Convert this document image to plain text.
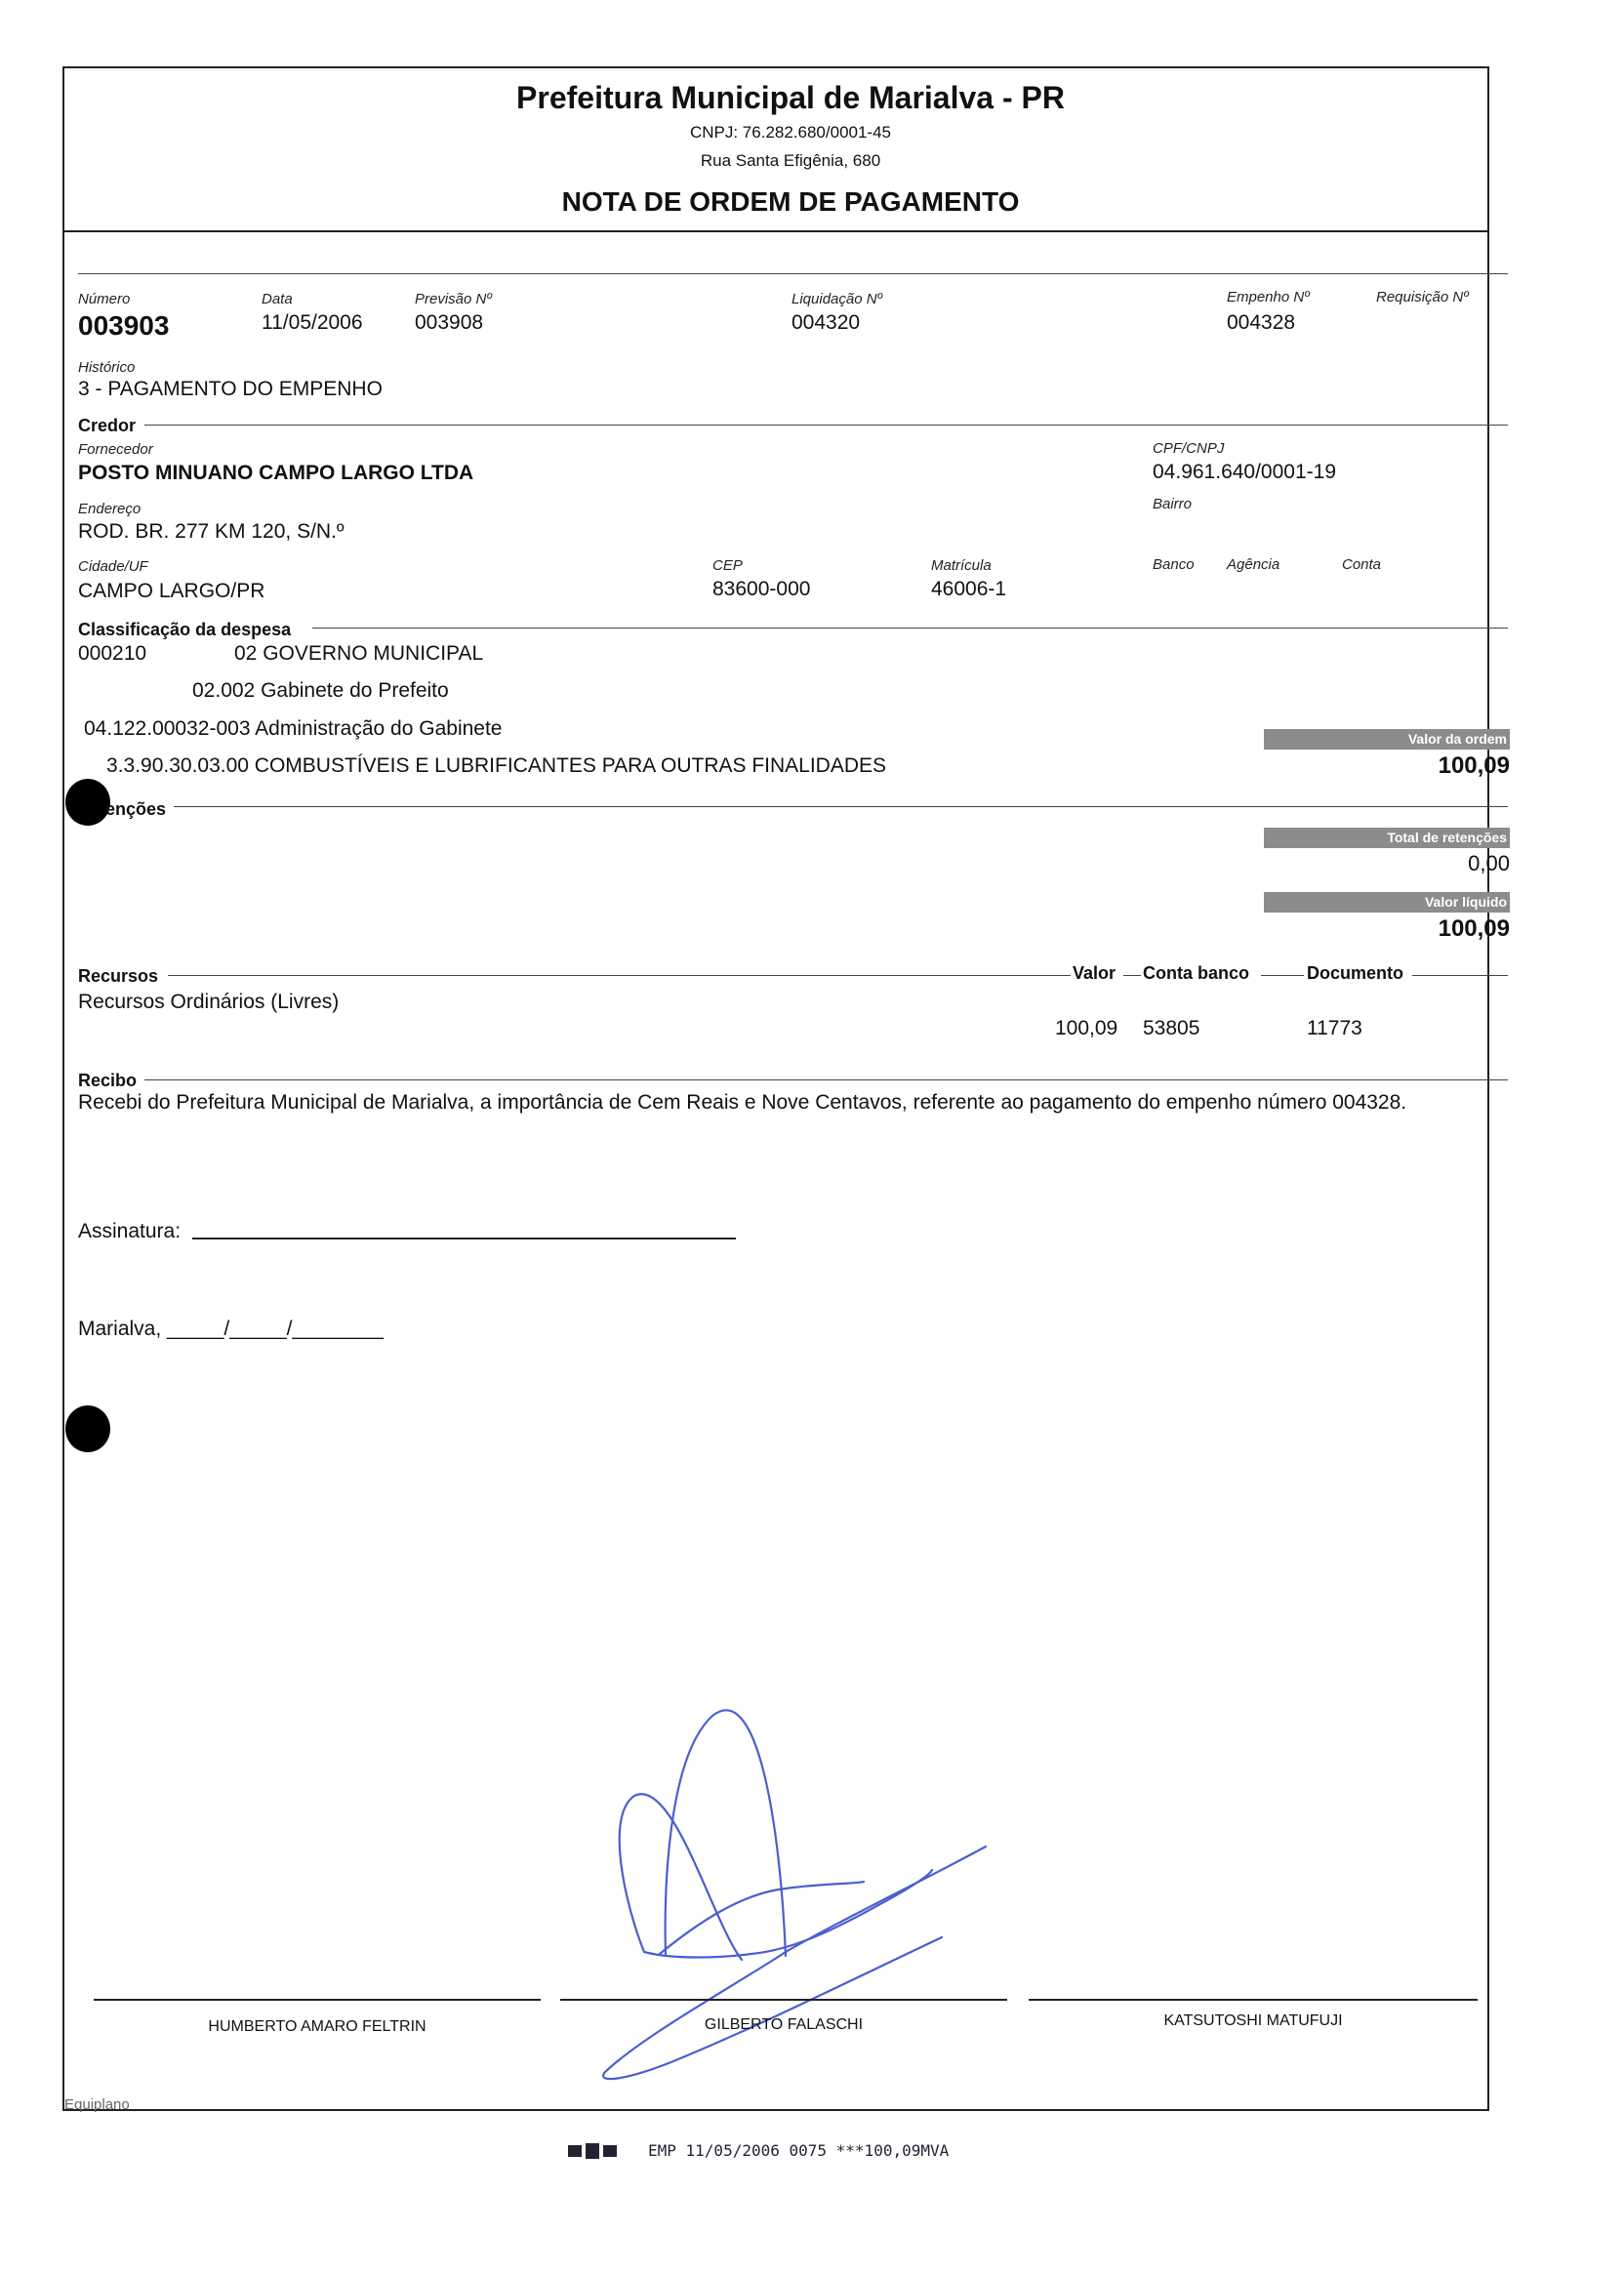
Prefeitura Municipal de Marialva - PR
CNPJ: 76.282.680/0001-45
Rua Santa Efigênia, 680
NOTA DE ORDEM DE PAGAMENTO
Número
003903
Data
11/05/2006
Previsão Nº
003908
Liquidação Nº
004320
Empenho Nº
004328
Requisição Nº
Histórico
3 - PAGAMENTO DO EMPENHO
Credor
Fornecedor
POSTO MINUANO CAMPO LARGO LTDA
CPF/CNPJ
04.961.640/0001-19
Endereço
ROD. BR. 277 KM 120, S/N.º
Bairro
Cidade/UF
CAMPO LARGO/PR
CEP
83600-000
Matrícula
46006-1
Banco Agência	Conta
Classificação da despesa
000210	02 GOVERNO MUNICIPAL
02.002 Gabinete do Prefeito
04.122.00032-003 Administração do Gabinete
3.3.90.30.03.00 COMBUSTÍVEIS E LUBRIFICANTES PARA OUTRAS FINALIDADES
Valor da ordem
100,09
enções
Total de retenções
0,00
Valor líquido
100,09
Recursos	Valor Conta banco	Documento
Recursos Ordinários (Livres)
100,09 53805	11773
Recibo
Recebi do Prefeitura Municipal de Marialva, a importância de Cem Reais e Nove Centavos, referente ao pagamento do empenho número 004328.
Assinatura:
Marialva, _____/_____/________
HUMBERTO AMARO FELTRIN	GILBERTO FALASCHI	KATSUTOSHI MATUFUJI
Equiplano
EMP 11/05/2006 0075 ***100,09MVA
